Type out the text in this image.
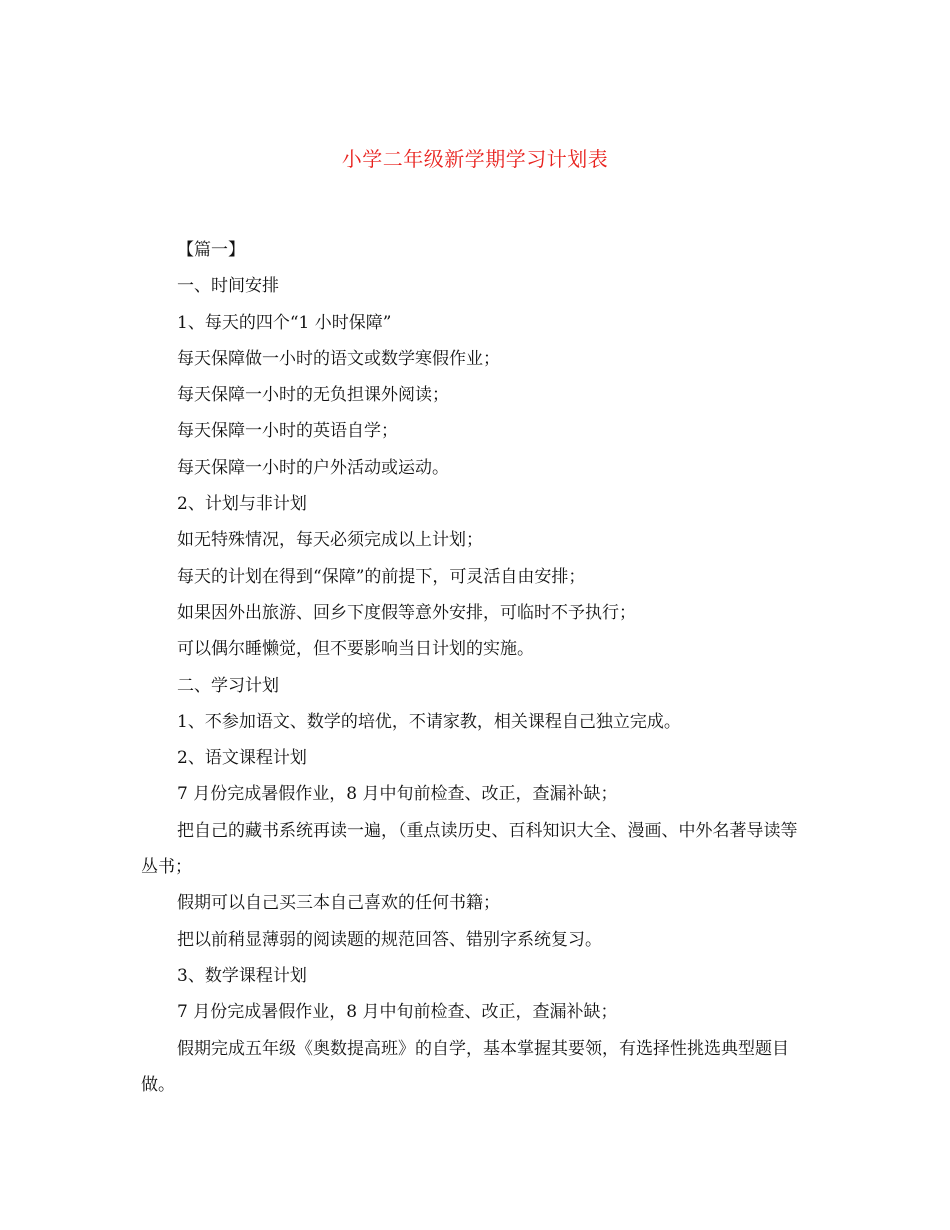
小学二年级新学期学习计划表

【篇一】

一、时间安排

1、每天的四个“1 小时保障”

每天保障做一小时的语文或数学寒假作业；

每天保障一小时的无负担课外阅读；

每天保障一小时的英语自学；

每天保障一小时的户外活动或运动。

2、计划与非计划

如无特殊情况，每天必须完成以上计划；

每天的计划在得到“保障”的前提下，可灵活自由安排；

如果因外出旅游、回乡下度假等意外安排，可临时不予执行；

可以偶尔睡懒觉，但不要影响当日计划的实施。

二、学习计划

1、不参加语文、数学的培优，不请家教，相关课程自己独立完成。

2、语文课程计划

7 月份完成暑假作业，8 月中旬前检查、改正，查漏补缺；

把自己的藏书系统再读一遍，（重点读历史、百科知识大全、漫画、中外名著导读等丛书；

假期可以自己买三本自己喜欢的任何书籍；

把以前稍显薄弱的阅读题的规范回答、错别字系统复习。

3、数学课程计划

7 月份完成暑假作业，8 月中旬前检查、改正，查漏补缺；

假期完成五年级《奥数提高班》的自学，基本掌握其要领，有选择性挑选典型题目做。
